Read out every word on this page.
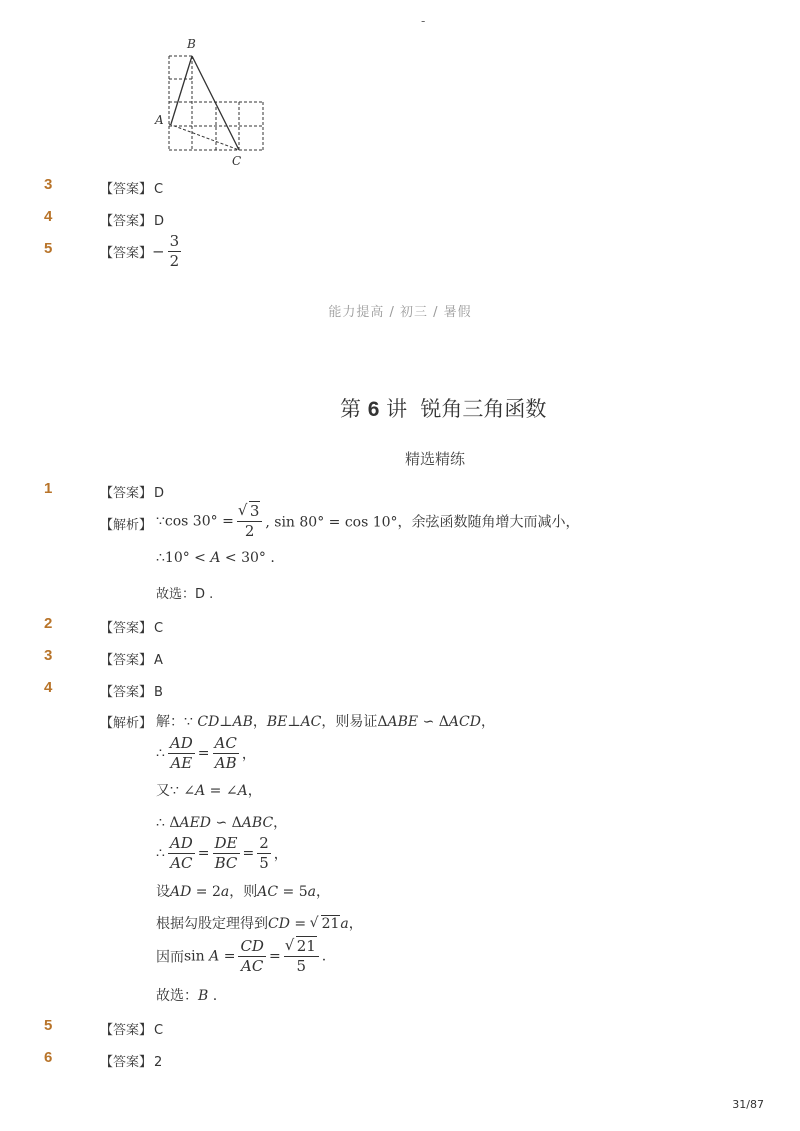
-
B
A
C
3	【答案】 C
4	【答案】 D
5	【答案】− $\frac{3}{2}$
能力提高 / 初三 / 暑假
第 6 讲 锐角三角函数
精选精练
1	【答案】 D
【解析】 ∵cos 30° = √ $\frac{3}{2}$ , sin 80° = cos 10°，余弦函数随角增大而减小，
∴10° < A < 30° .
故选：D .
2	【答案】 C
3	【答案】 A
4	【答案】 B
【解析】 解：∵ CD⊥AB，BE⊥AC，则易证ΔABE ∽ ΔACD，
∴ $\frac{AD}{AE} = \frac{AC}{AB}$ ，
又∵ ∠A = ∠A，
∴ ΔAED ∽ ΔABC，
∴ $\frac{AD}{AC} = \frac{DE}{BC} = \frac{2}{5}$ ，
设AD = 2a，则AC = 5a，
根据勾股定理得到CD = √ 21a，
因而$\sin A = \frac{CD}{AC}$ = √ $\frac{21}{5}$ .
故选：B .
5	【答案】 C
6	【答案】 2
31/87
